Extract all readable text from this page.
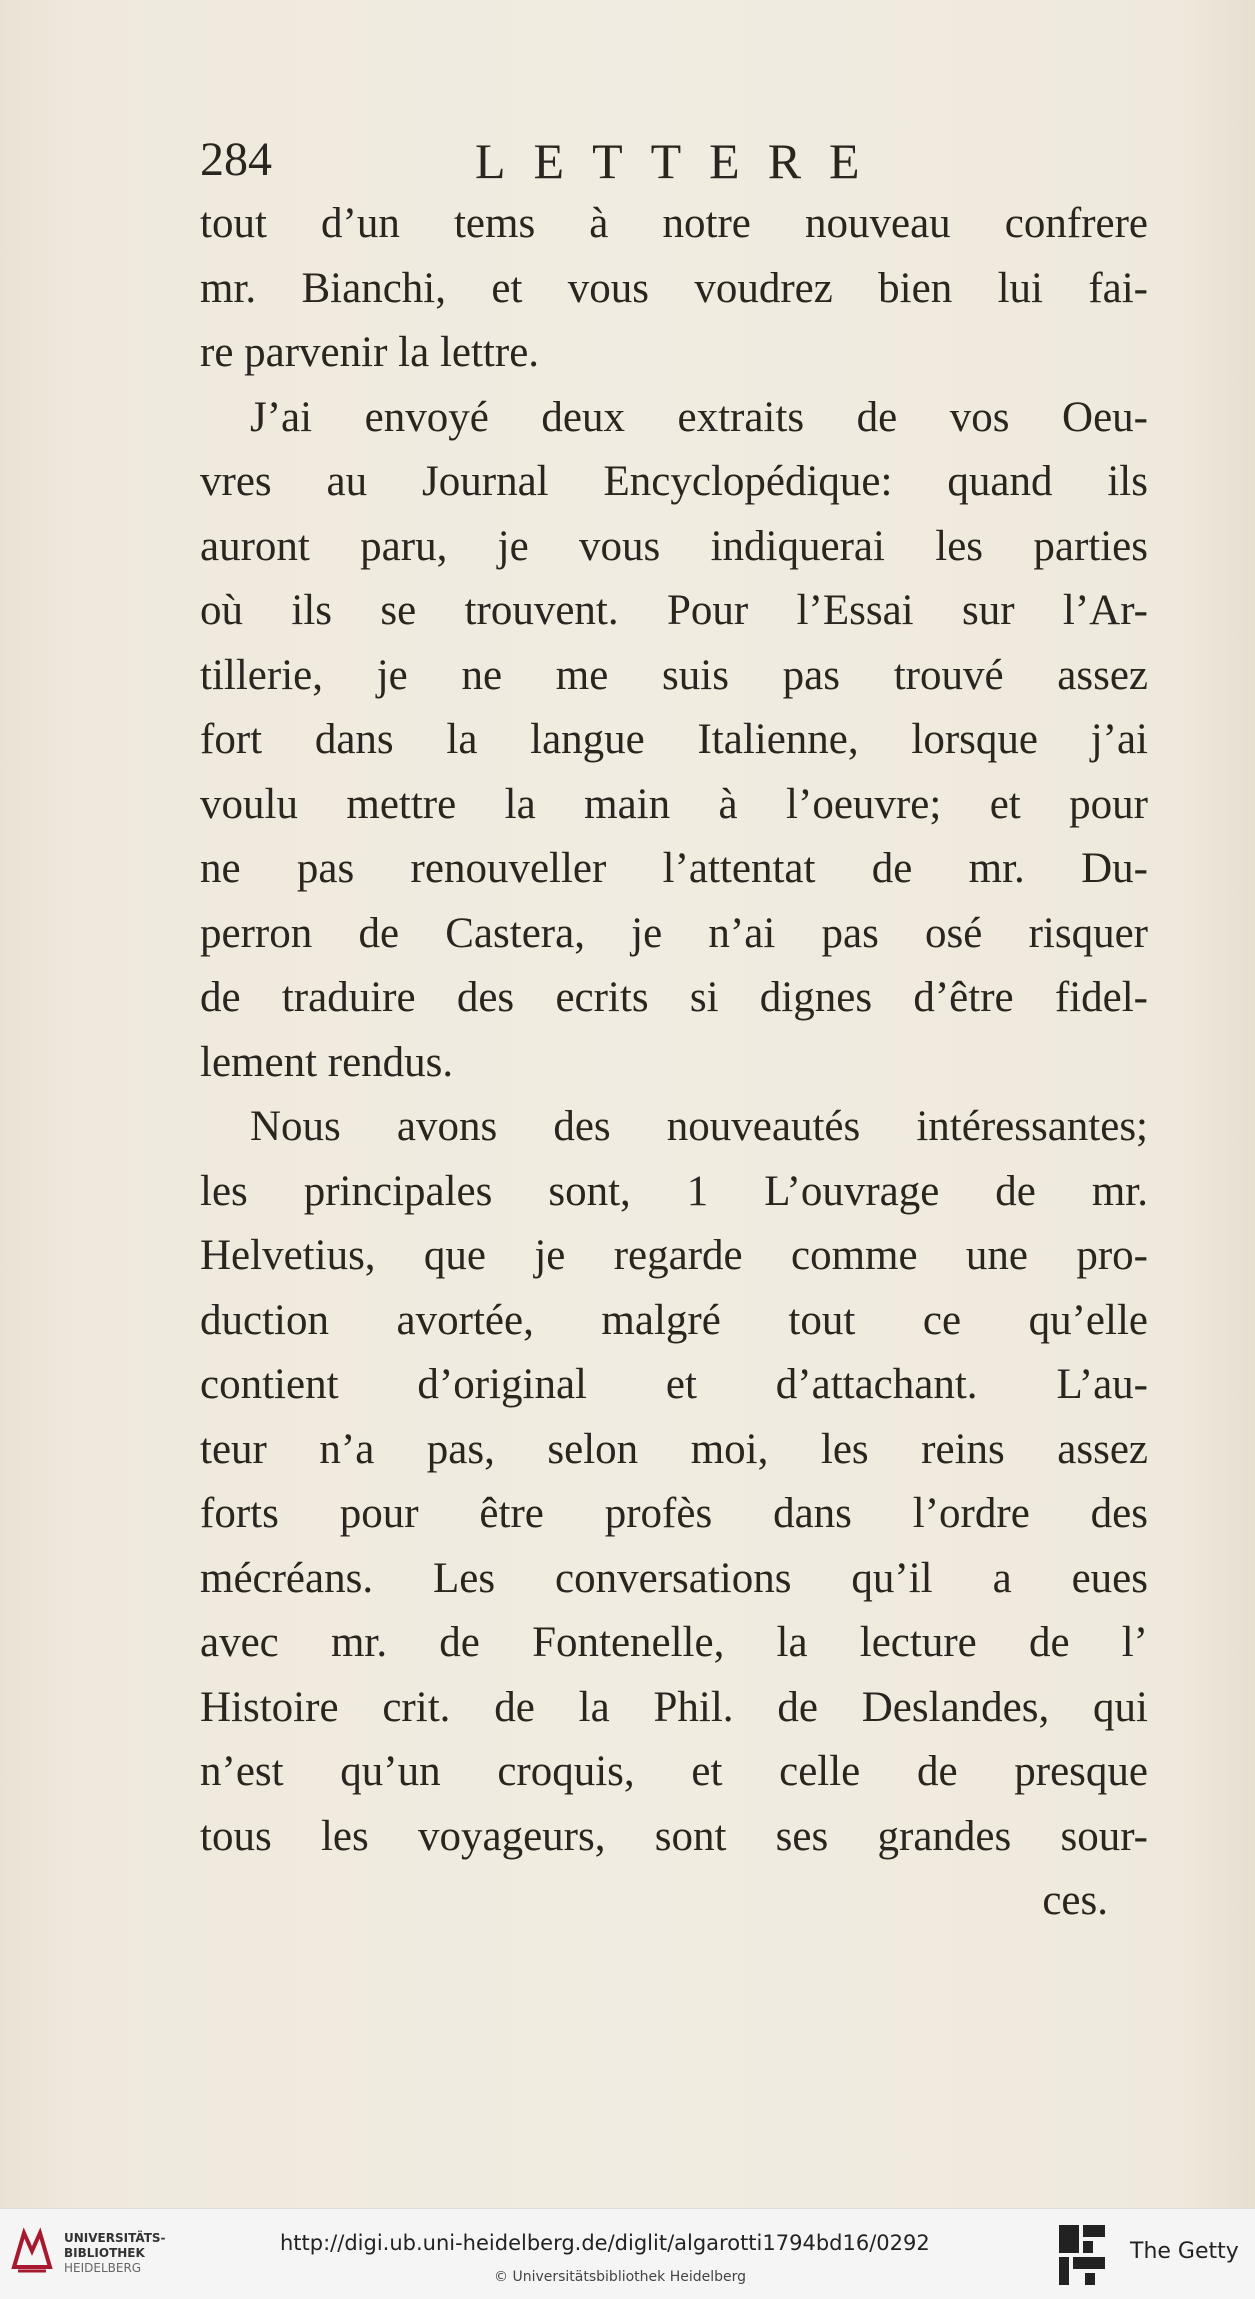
284	LETTERE
tout d’un tems à notre nouveau confrere
mr. Bianchi, et vous voudrez bien lui fai-
re parvenir la lettre.
J’ai envoyé deux extraits de vos Oeu-
vres au Journal Encyclopédique: quand ils
auront paru, je vous indiquerai les parties
où ils se trouvent. Pour l’Essai sur l’Ar-
tillerie, je ne me suis pas trouvé assez
fort dans la langue Italienne, lorsque j’ai
voulu mettre la main à l’oeuvre; et pour
ne pas renouveller l’attentat de mr. Du-
perron de Castera, je n’ai pas osé risquer
de traduire des ecrits si dignes d’être fidel-
lement rendus.
Nous avons des nouveautés intéressantes;
les principales sont, 1 L’ouvrage de mr.
Helvetius, que je regarde comme une pro-
duction avortée, malgré tout ce qu’elle
contient d’original et d’attachant. L’au-
teur n’a pas, selon moi, les reins assez
forts pour être profès dans l’ordre des
mécréans. Les conversations qu’il a eues
avec mr. de Fontenelle, la lecture de l’
Histoire crit. de la Phil. de Deslandes, qui
n’est qu’un croquis, et celle de presque
tous les voyageurs, sont ses grandes sour-
ces.
UNIVERSITÄTS-
BIBLIOTHEK
HEIDELBERG
http://digi.ub.uni-heidelberg.de/diglit/algarotti1794bd16/0292
© Universitätsbibliothek Heidelberg
The Getty
